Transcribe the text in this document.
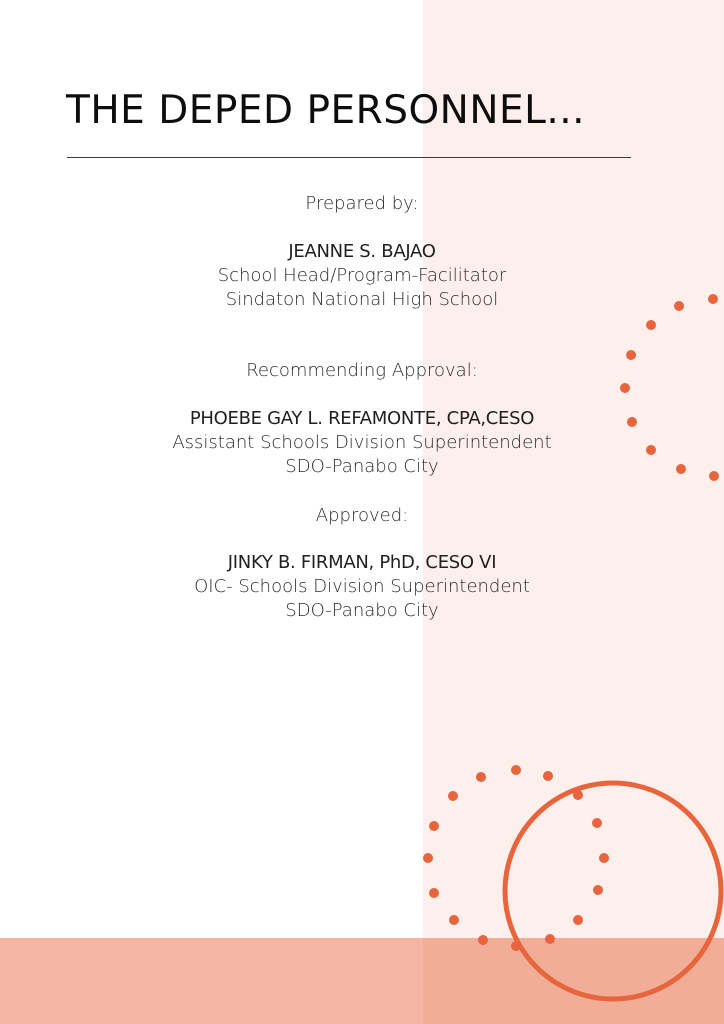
THE DEPED PERSONNEL...
Prepared by:
JEANNE S. BAJAO
School Head/Program-Facilitator
Sindaton National High School
Recommending Approval:
PHOEBE GAY L. REFAMONTE, CPA,CESO
Assistant Schools Division Superintendent
SDO-Panabo City
Approved:
JINKY B. FIRMAN, PhD, CESO VI
OIC- Schools Division Superintendent
SDO-Panabo City
